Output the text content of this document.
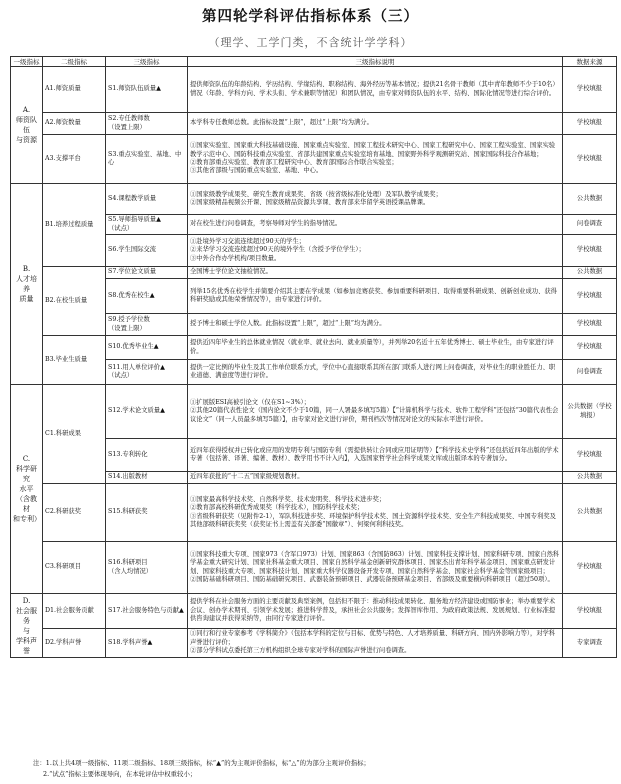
第四轮学科评估指标体系（三）
（理学、工学门类，不含统计学学科）
一级指标	二级指标	三级指标	三级指标说明	数据来源
A.
师资队伍
与资源	A1.师资质量	S1.师资队伍质量▲	提供师资队伍的年龄结构、学历结构、学缘结构、职称结构、海外经历等基本情况；提供21名骨干教师（其中青年教师不少于10名）情况（年龄、学科方向、学术头衔、学术兼职等情况）和团队情况，由专家对师资队伍的水平、结构、国际化情况等进行综合评价。	学校填报
	A2.师资数量	S2.专任教师数
（设置上限）	本学科专任教师总数。此指标设置“上限”，超过“上限”均为满分。	学校填报
	A3.支撑平台	S3.重点实验室、基地、中心	①国家实验室、国家重大科技基础设施、国家重点实验室、国家工程技术研究中心、国家工程研究中心、国家工程实验室、国家实验教学示范中心、国防科技重点实验室、省部共建国家重点实验室培育基地、国家野外科学观测研究站、国家国际科技合作基地；
②教育部重点实验室、教育部工程研究中心、教育部国际合作联合实验室；
③其他省部级与国防重点实验室、基地、中心。	学校填报
B.
人才培养
质量	B1.培养过程质量	S4.课程教学质量	①国家级教学成果奖、研究生教育成果奖、省级（按省级标准化处理）及军队教学成果奖；
②国家级精品视频公开课、国家级精品资源共享课、教育部来华留学英语授课品牌课。	公共数据
		S5.导师指导质量▲
（试点）	对在校生进行问卷调查，考察导师对学生的指导情况。	问卷调查
		S6.学生国际交流	①赴境外学习交流连续超过90天的学生；
②来华学习交流连续超过90天的境外学生（含授予学位学生）；
③中外合作办学机构/项目数量。	学校填报
	B2.在校生质量	S7.学位论文质量	全国博士学位论文抽检情况。	公共数据
		S8.优秀在校生▲	列举15名优秀在校学生并简要介绍其主要在学成果（如参加竞赛获奖、参加重要科研项目、取得重要科研成果、创新创业成功、获得科研奖励或其他荣誉情况等），由专家进行评价。	学校填报
		S9.授予学位数
（设置上限）	授予博士和硕士学位人数。此指标设置“上限”，超过“上限”均为满分。	学校填报
	B3.毕业生质量	S10.优秀毕业生▲	提供近四年毕业生的总体就业情况（就业率、就业去向、就业质量等），并列举20名近十五年优秀博士、硕士毕业生，由专家进行评价。	学校填报
		S11.用人单位评价▲
（试点）	提供一定比例的毕业生及其工作单位联系方式，学位中心直接联系其所在部门联系人进行网上问卷调查，对毕业生的职业胜任力、职业道德、满意度等进行评价。	问卷调查
C.
科学研究
水平
（含教材
和专利）	C1.科研成果	S12.学术论文质量▲	①扩展版ESI高被引论文（仅在S1~3%）；
②其他20篇代表性论文（国内论文不少于10篇，同一人署最多填写5篇）【“计算机科学与技术、软件工程学科”还包括“30篇代表性会议论文”（同一人员最多填写5篇）】，由专家对论文进行评价，期刊档次等情况对论文的实际水平进行评价。	公共数据（学校填报）
		S13.专利转化	近四年获得授权并已转化或应用的发明专利与国防专利（需提供转让合同或应用证明等）【“科学技术史学科”还包括近四年出版的学术专著（包括著、译著、编著、教材）、教学用书不计入内】，入选国家哲学社会科学成果文库或出版译本的专著加分。	学校填报
		S14.出版教材	近四年获批的“十二五”国家级规划教材。	公共数据
	C2.科研获奖	S15.科研获奖	①国家最高科学技术奖、自然科学奖、技术发明奖、科学技术进步奖；
②教育部高校科研优秀成果奖（科学技术），国防科学技术奖；
③省级科研获奖（见附件2-1），军队科技进步奖、环境保护科学技术奖、国土资源科学技术奖、安全生产科技成果奖、中国专利奖及其他部级科研获奖奖（获奖证书上需盖有关部委“国徽章”）、何梁何利科技奖。	公共数据
	C3.科研项目	S16.科研项目
（含人均情况）	①国家科技重大专项、国家973（含军口973）计划、国家863（含国防863）计划、国家科技支撑计划、国家科研专项、国家自然科学基金重大研究计划、国家社科基金重大项目、国家自然科学基金创新研究群体项目、国家杰出青年科学基金项目、国家重点研发计划、国家科技重大专项、国家科技计划、国家重大科学仪器设备开发专项、国家自然科学基金、国家社会科学基金等国家级项目；
②国防基础科研项目、国防基础研究项目、武器装备预研项目、武器装备预研基金项目、省部级及重要横向科研项目（超过50项）。	学校填报
D.
社会服务
与
学科声誉	D1.社会服务贡献	S17.社会服务特色与贡献▲	提供学科在社会服务方面的主要贡献及典型案例，包括但不限于：推动科技成果转化、服务地方经济建设或国防事业；举办重要学术会议、创办学术期刊、引领学术发展；推进科学普及，承担社会公共服务；发挥智库作用、为政府政策法规、发展规划、行业标准提供咨询建议并获得采纳等，由同行专家进行评价。	学校填报
	D2.学科声誉	S18.学科声誉▲	①同行和行业专家参考《学科简介》（包括本学科的定位与目标、优势与特色、人才培养质量、科研方向、国内外影响力等），对学科声誉进行评价；
②部分学科试点委托第三方机构组织全球专家对学科的国际声誉进行问卷调查。	专家调查
注：1.以上共4项一级指标、11项二级指标、18项三级指标，标“▲”的为主观评价指标，标“△”的为部分主观评价指标；
2.“试点”指标主要体现导向，在本轮评估中权重较小；
